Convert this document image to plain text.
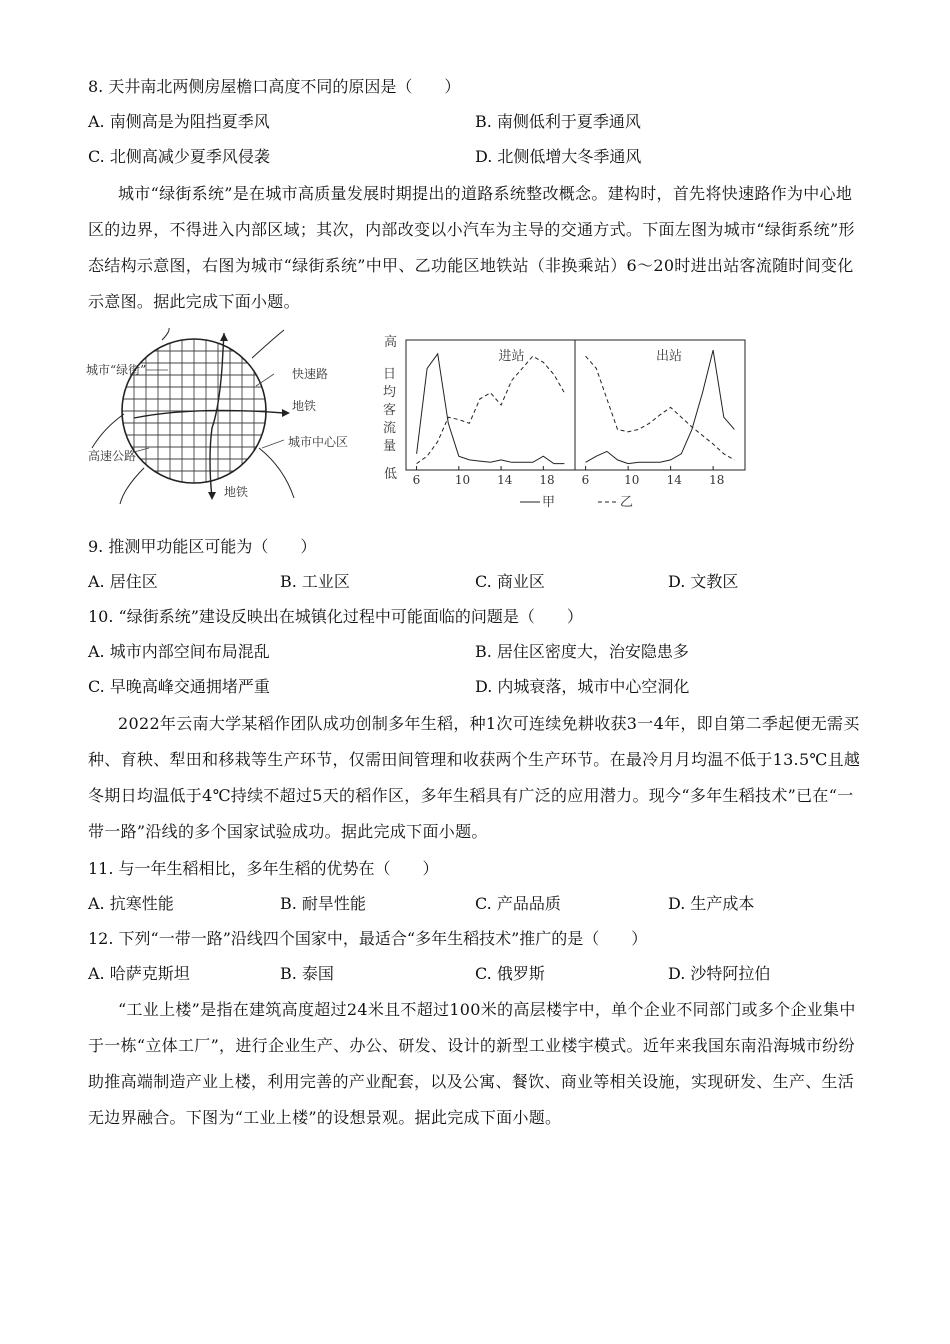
8. 天井南北两侧房屋檐口高度不同的原因是（　　）
A. 南侧高是为阻挡夏季风	B. 南侧低利于夏季通风
C. 北侧高减少夏季风侵袭	D. 北侧低增大冬季通风

城市“绿街系统”是在城市高质量发展时期提出的道路系统整改概念。建构时，首先将快速路作为中心地区的边界，不得进入内部区域；其次，内部改变以小汽车为主导的交通方式。下面左图为城市“绿街系统”形态结构示意图，右图为城市“绿街系统”中甲、乙功能区地铁站（非换乘站）6～20时进出站客流随时间变化示意图。据此完成下面小题。

城市“绿街”	快速路
地铁
城市中心区
高速公路
地铁
高
日
均
客
流
量
低
进站	出站
6	10 14 18 6	10 14 18
甲	乙
9. 推测甲功能区可能为（　　）
A. 居住区	B. 工业区	C. 商业区	D. 文教区
10. “绿街系统”建设反映出在城镇化过程中可能面临的问题是（　　）
A. 城市内部空间布局混乱	B. 居住区密度大，治安隐患多
C. 早晚高峰交通拥堵严重	D. 内城衰落，城市中心空洞化

2022年云南大学某稻作团队成功创制多年生稻，种1次可连续免耕收获3一4年，即自第二季起便无需买种、育秧、犁田和移栽等生产环节，仅需田间管理和收获两个生产环节。在最冷月月均温不低于13.5℃且越冬期日均温低于4℃持续不超过5天的稻作区，多年生稻具有广泛的应用潜力。现今“多年生稻技术”已在“一带一路”沿线的多个国家试验成功。据此完成下面小题。

11. 与一年生稻相比，多年生稻的优势在（　　）
A. 抗寒性能	B. 耐旱性能	C. 产品品质	D. 生产成本
12. 下列“一带一路”沿线四个国家中，最适合“多年生稻技术”推广的是（　　）
A. 哈萨克斯坦	B. 泰国	C. 俄罗斯	D. 沙特阿拉伯

“工业上楼”是指在建筑高度超过24米且不超过100米的高层楼宇中，单个企业不同部门或多个企业集中于一栋“立体工厂”，进行企业生产、办公、研发、设计的新型工业楼宇模式。近年来我国东南沿海城市纷纷助推高端制造产业上楼，利用完善的产业配套，以及公寓、餐饮、商业等相关设施，实现研发、生产、生活无边界融合。下图为“工业上楼”的设想景观。据此完成下面小题。
